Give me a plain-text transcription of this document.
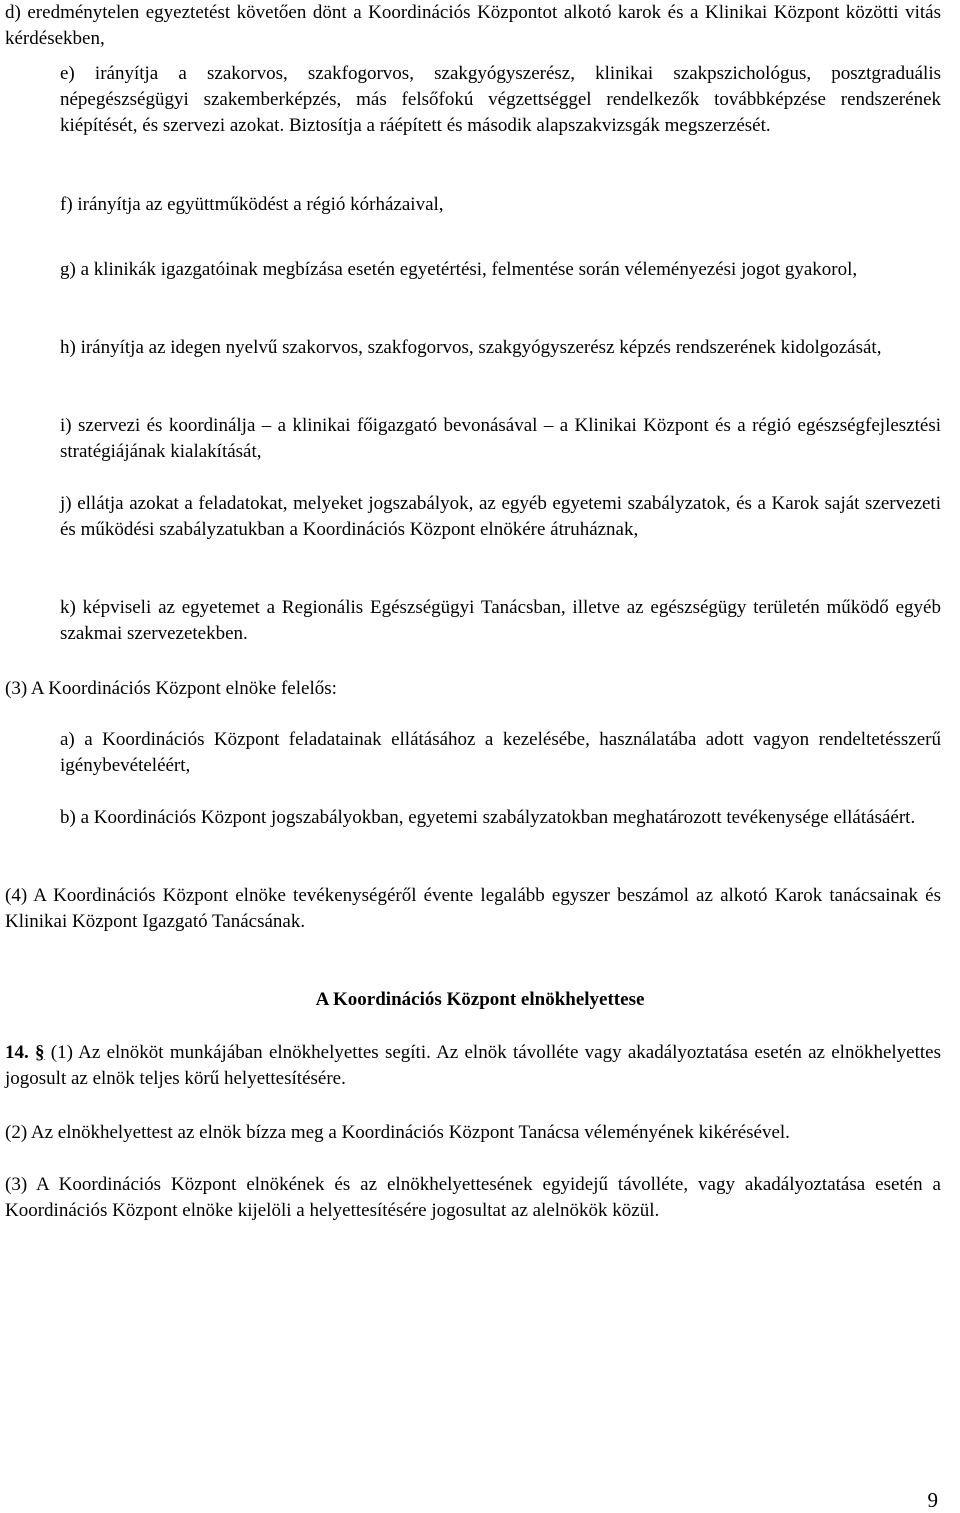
d) eredménytelen egyeztetést követően dönt a Koordinációs Központot alkotó karok és a Klinikai Központ közötti vitás kérdésekben,

e) irányítja a szakorvos, szakfogorvos, szakgyógyszerész, klinikai szakpszichológus, posztgraduális népegészségügyi szakemberképzés, más felsőfokú végzettséggel rendelkezők továbbképzése rendszerének kiépítését, és szervezi azokat. Biztosítja a ráépített és második alapszakvizsgák megszerzését.

f) irányítja az együttműködést a régió kórházaival,

g) a klinikák igazgatóinak megbízása esetén egyetértési, felmentése során véleményezési jogot gyakorol,

h) irányítja az idegen nyelvű szakorvos, szakfogorvos, szakgyógyszerész képzés rendszerének kidolgozását,

i) szervezi és koordinálja – a klinikai főigazgató bevonásával – a Klinikai Központ és a régió egészségfejlesztési stratégiájának kialakítását,

j) ellátja azokat a feladatokat, melyeket jogszabályok, az egyéb egyetemi szabályzatok, és a Karok saját szervezeti és működési szabályzatukban a Koordinációs Központ elnökére átruháznak,

k) képviseli az egyetemet a Regionális Egészségügyi Tanácsban, illetve az egészségügy területén működő egyéb szakmai szervezetekben.

(3) A Koordinációs Központ elnöke felelős:

a) a Koordinációs Központ feladatainak ellátásához a kezelésébe, használatába adott vagyon rendeltetésszerű igénybevételéért,

b) a Koordinációs Központ jogszabályokban, egyetemi szabályzatokban meghatározott tevékenysége ellátásáért.

(4) A Koordinációs Központ elnöke tevékenységéről évente legalább egyszer beszámol az alkotó Karok tanácsainak és Klinikai Központ Igazgató Tanácsának.

A Koordinációs Központ elnökhelyettese

14. § (1) Az elnököt munkájában elnökhelyettes segíti. Az elnök távolléte vagy akadályoztatása esetén az elnökhelyettes jogosult az elnök teljes körű helyettesítésére.

(2) Az elnökhelyettest az elnök bízza meg a Koordinációs Központ Tanácsa véleményének kikérésével.

(3) A Koordinációs Központ elnökének és az elnökhelyettesének egyidejű távolléte, vagy akadályoztatása esetén a Koordinációs Központ elnöke kijelöli a helyettesítésére jogosultat az alelnökök közül.

9
